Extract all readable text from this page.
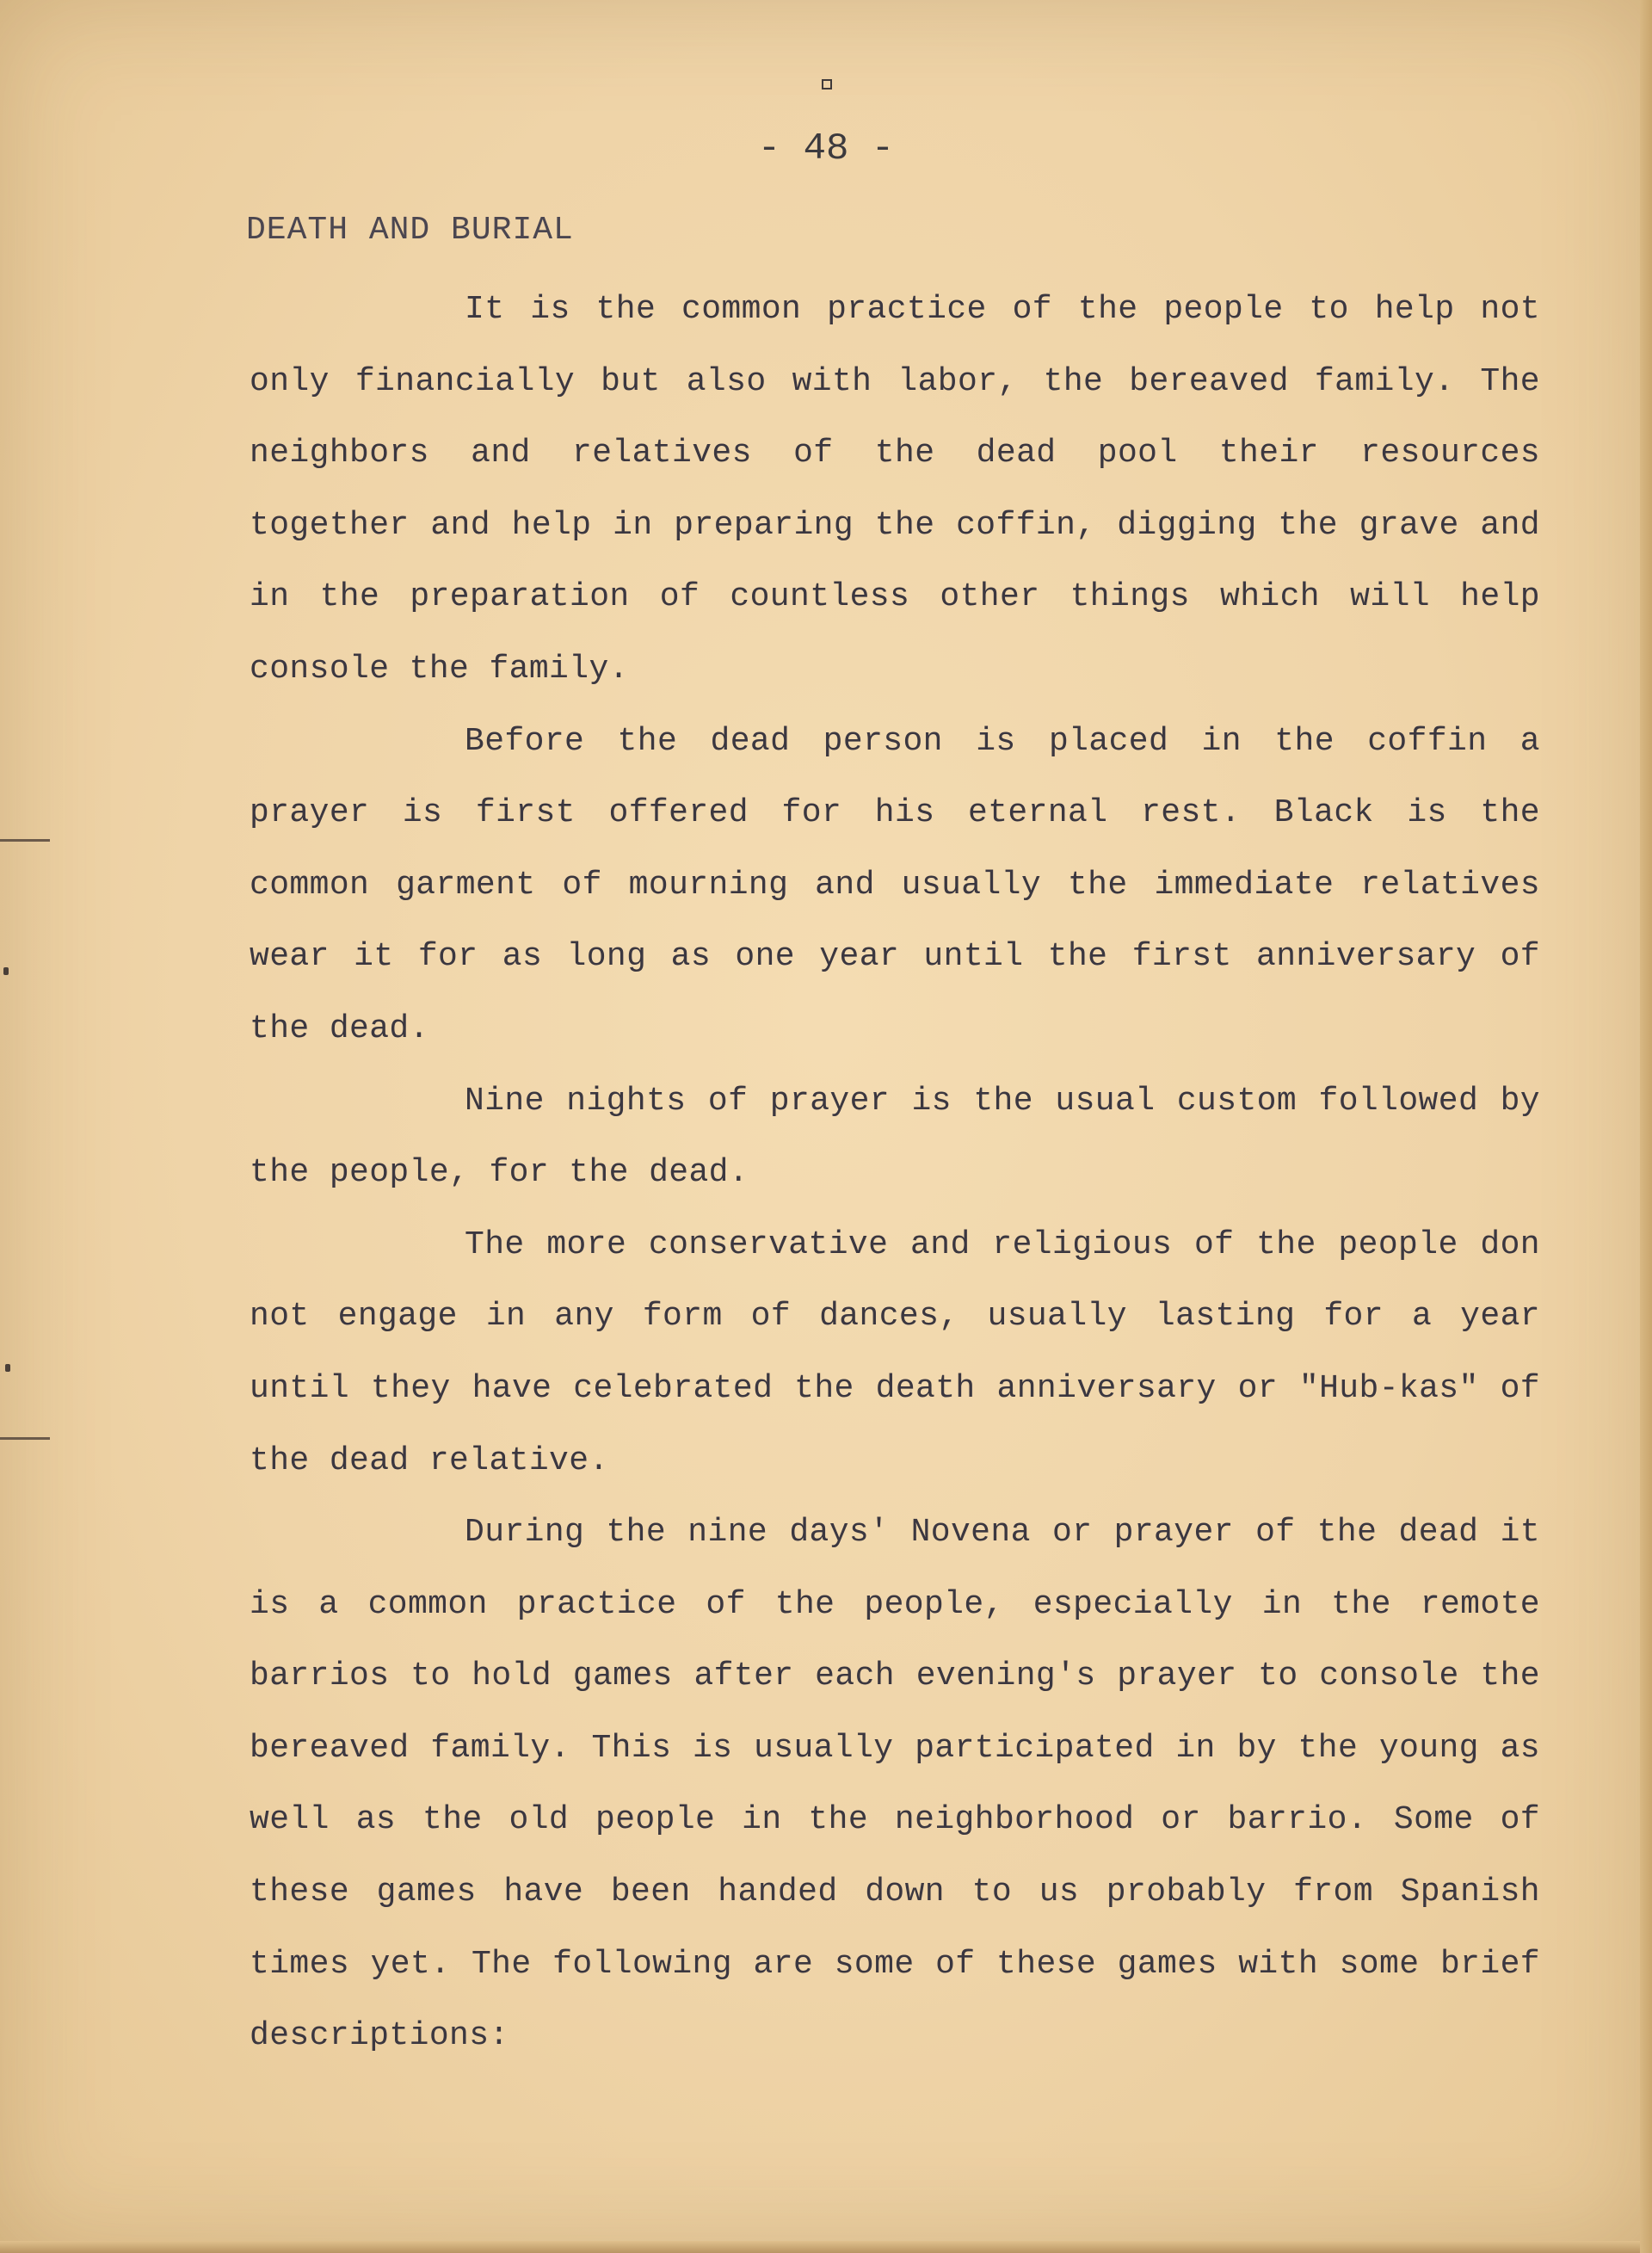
- 48 -
DEATH AND BURIAL

It is the common practice of the people to help not only financially but also with labor, the bereaved family. The neighbors and relatives of the dead pool their resources together and help in preparing the coffin, digging the grave and in the preparation of countless other things which will help console the family.

Before the dead person is placed in the coffin a prayer is first offered for his eternal rest. Black is the common garment of mourning and usually the immediate relatives wear it for as long as one year until the first anniversary of the dead.

Nine nights of prayer is the usual custom followed by the people, for the dead.

The more conservative and religious of the people don not engage in any form of dances, usually lasting for a year until they have celebrated the death anniversary or "Hub-kas" of the dead relative.

During the nine days' Novena or prayer of the dead it is a common practice of the people, especially in the remote barrios to hold games after each evening's prayer to console the bereaved family. This is usually participated in by the young as well as the old people in the neighborhood or barrio. Some of these games have been handed down to us probably from Spanish times yet. The following are some of these games with some brief descriptions:
